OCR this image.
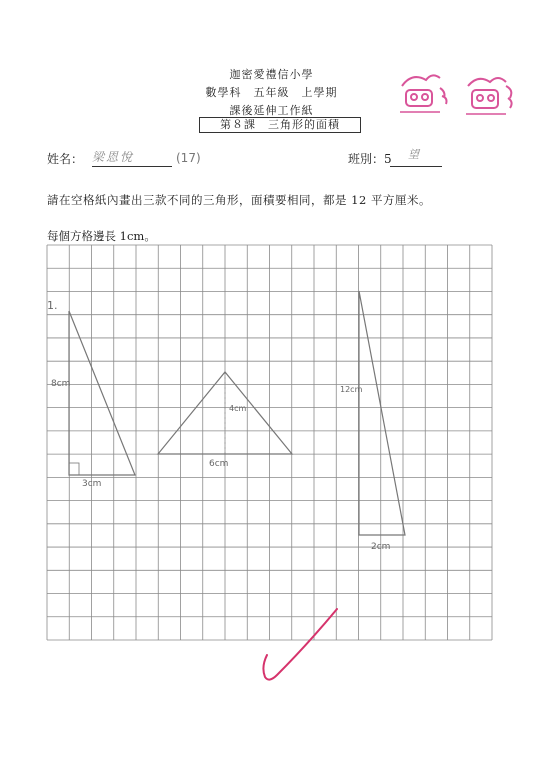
迦密愛禮信小學
數學科　五年級　上學期
課後延伸工作紙
第８課　三角形的面積
姓名： 梁恩悅	(17)	班別：5 望
請在空格紙內畫出三款不同的三角形，面積要相同，都是 12 平方厘米。
每個方格邊長 1cm。
1.
8cm
3cm
4cm
6cm
12cm
2cm
